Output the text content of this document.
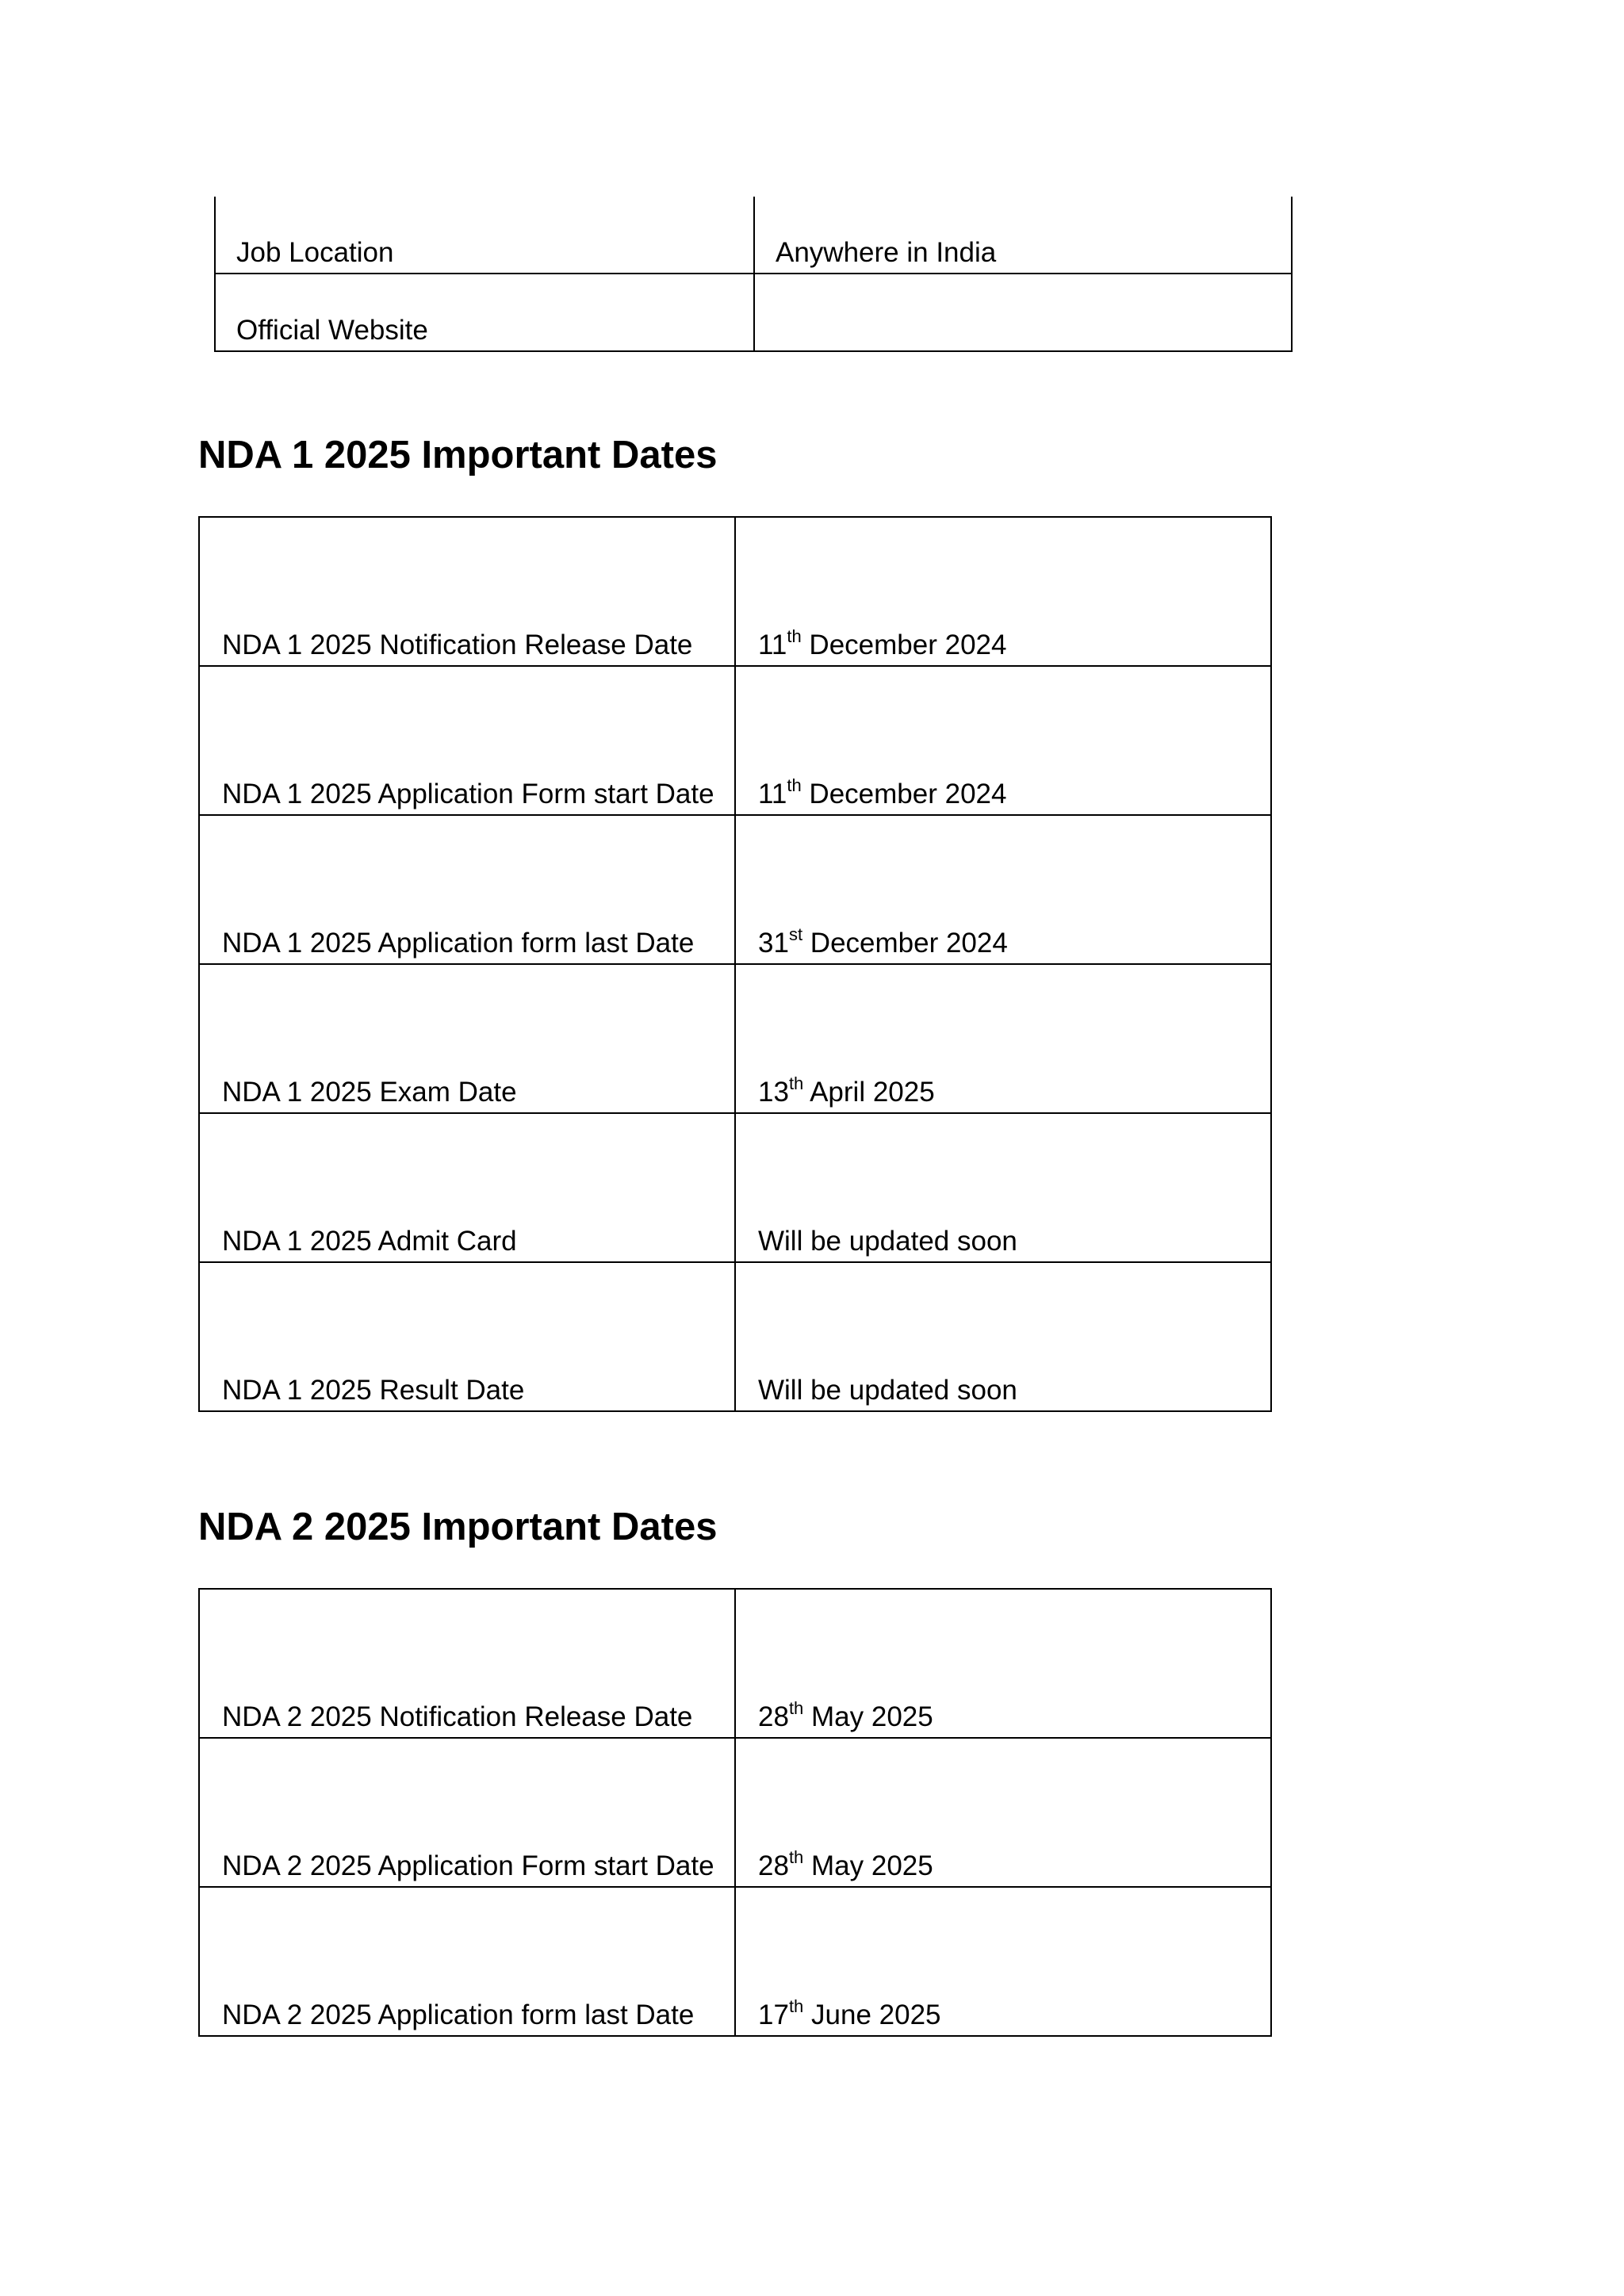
Job Location	Anywhere in India
Official Website	
NDA 1 2025 Important Dates
NDA 1 2025 Notification Release Date	11th December 2024

NDA 1 2025 Application Form start Date	11th December 2024

NDA 1 2025 Application form last Date	31st December 2024

NDA 1 2025 Exam Date	13th April 2025

NDA 1 2025 Admit Card	Will be updated soon

NDA 1 2025 Result Date	Will be updated soon
NDA 2 2025 Important Dates
NDA 2 2025 Notification Release Date	28th May 2025

NDA 2 2025 Application Form start Date	28th May 2025

NDA 2 2025 Application form last Date	17th June 2025
